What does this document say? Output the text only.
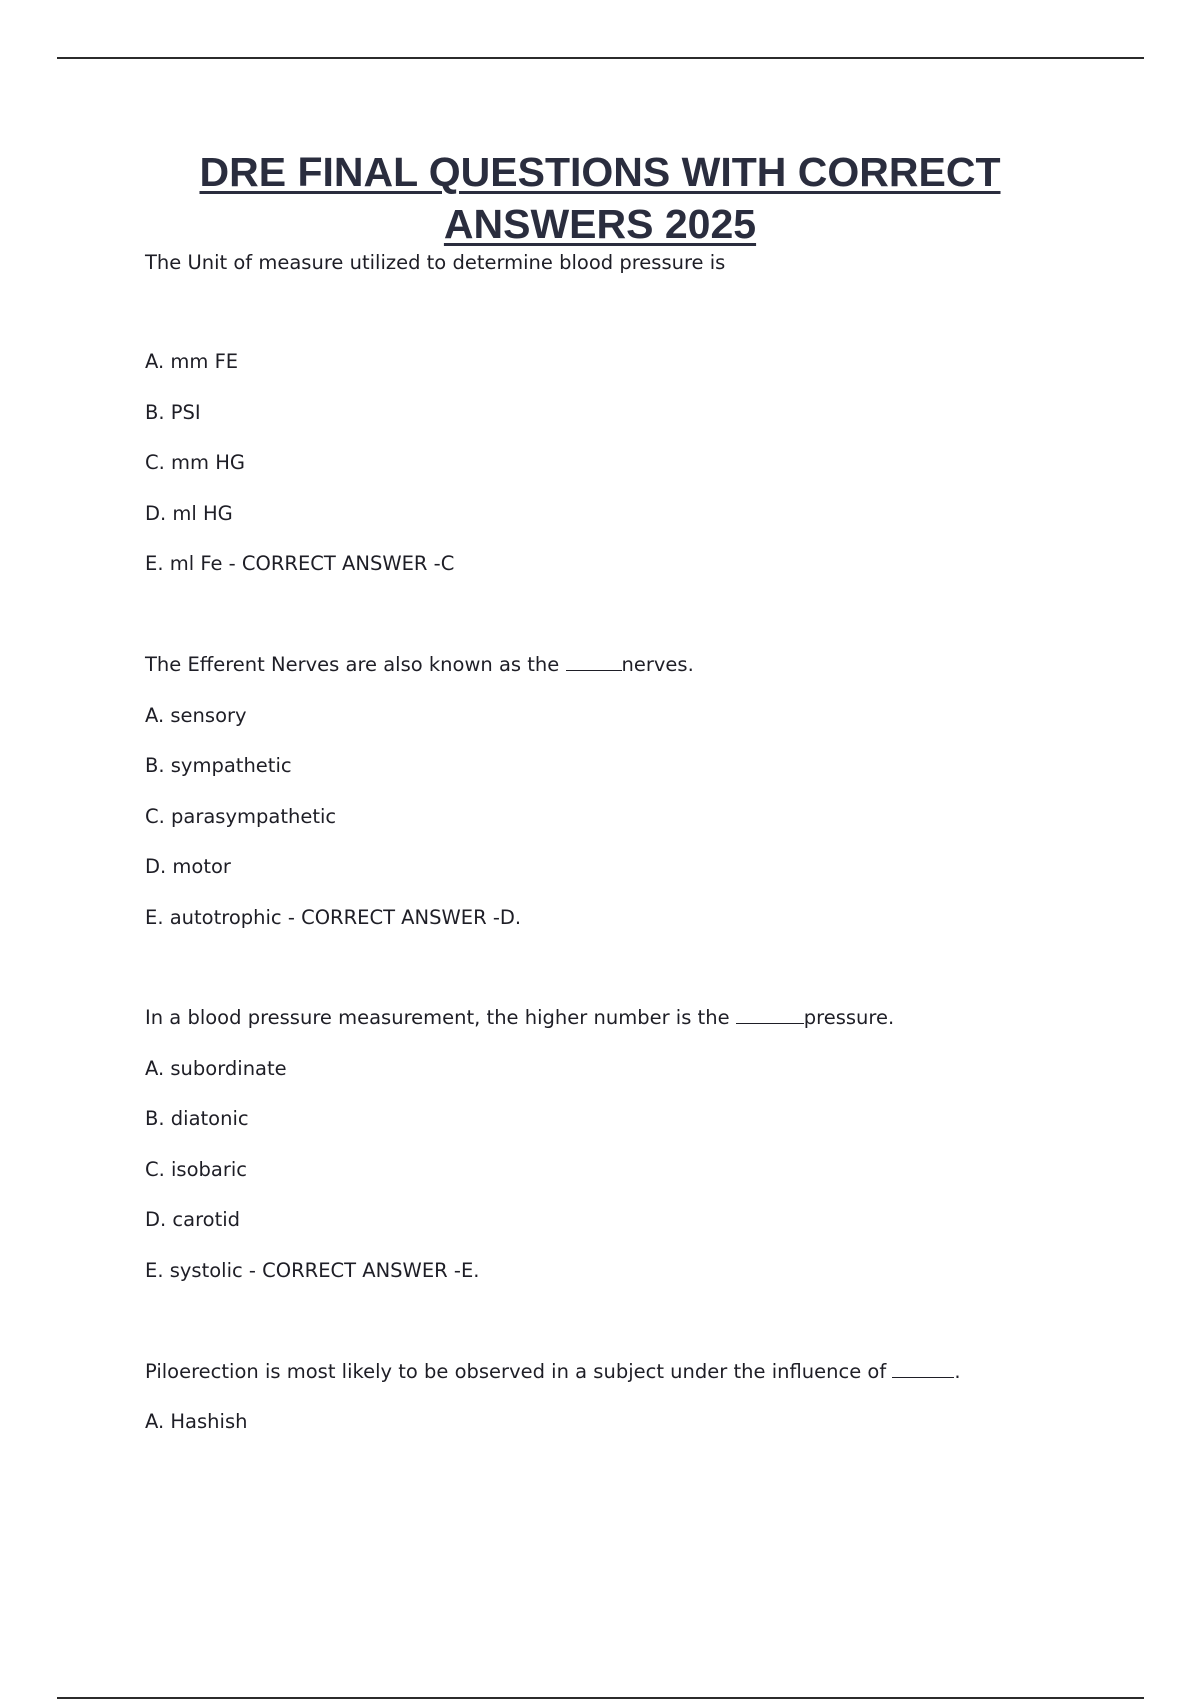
DRE FINAL QUESTIONS WITH CORRECT
ANSWERS 2025

The Unit of measure utilized to determine blood pressure is

A. mm FE

B. PSI

C. mm HG

D. ml HG

E. ml Fe - CORRECT ANSWER -C

The Efferent Nerves are also known as the	nerves.

A. sensory

B. sympathetic

C. parasympathetic

D. motor

E. autotrophic - CORRECT ANSWER -D.

In a blood pressure measurement, the higher number is the	pressure.

A. subordinate

B. diatonic

C. isobaric

D. carotid

E. systolic - CORRECT ANSWER -E.

Piloerection is most likely to be observed in a subject under the influence of	.

A. Hashish
